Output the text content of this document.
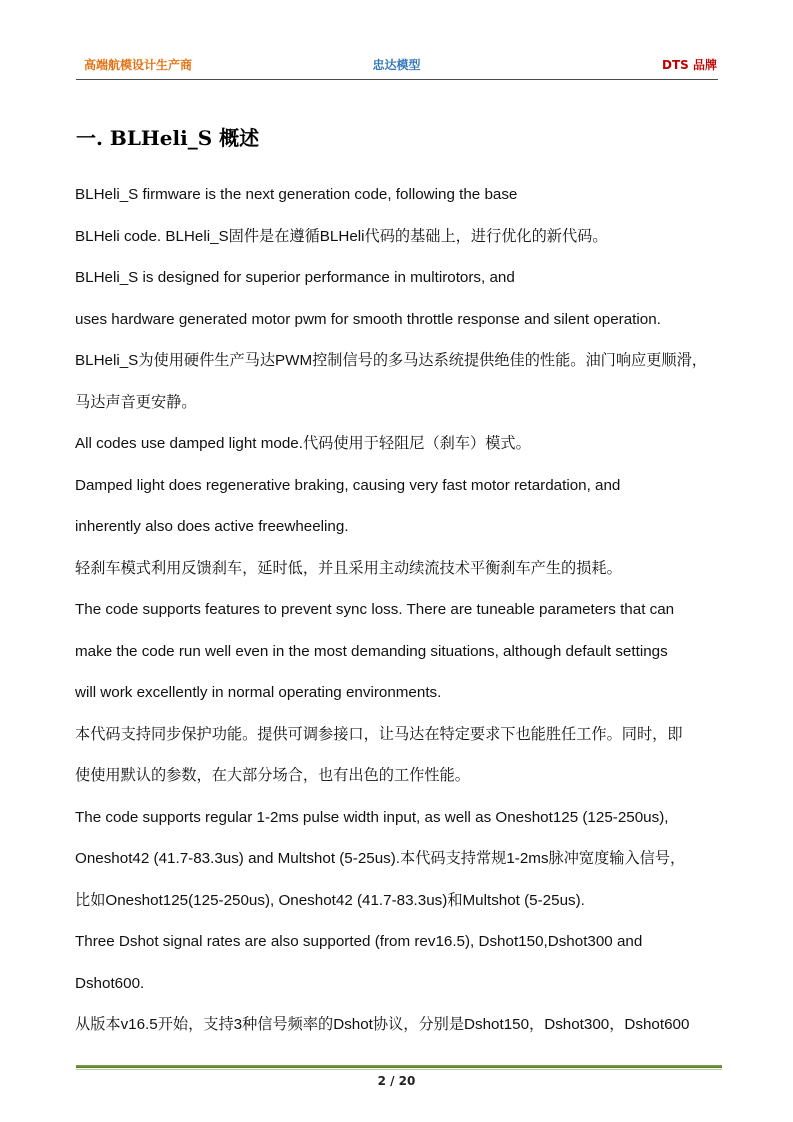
高端航模设计生产商	忠达模型	DTS 品牌
一. BLHeli_S 概述

BLHeli_S firmware is the next generation code, following the base

BLHeli code. BLHeli_S固件是在遵循BLHeli代码的基础上，进行优化的新代码。

BLHeli_S is designed for superior performance in multirotors, and

uses hardware generated motor pwm for smooth throttle response and silent operation.

BLHeli_S为使用硬件生产马达PWM控制信号的多马达系统提供绝佳的性能。油门响应更顺滑，

马达声音更安静。

All codes use damped light mode.代码使用于轻阻尼（刹车）模式。

Damped light does regenerative braking, causing very fast motor retardation, and

inherently also does active freewheeling.

轻刹车模式利用反馈刹车，延时低，并且采用主动续流技术平衡刹车产生的损耗。

The code supports features to prevent sync loss. There are tuneable parameters that can

make the code run well even in the most demanding situations, although default settings

will work excellently in normal operating environments.

本代码支持同步保护功能。提供可调参接口，让马达在特定要求下也能胜任工作。同时，即

使使用默认的参数，在大部分场合，也有出色的工作性能。

The code supports regular 1-2ms pulse width input, as well as Oneshot125 (125-250us),

Oneshot42 (41.7-83.3us) and Multshot (5-25us).本代码支持常规1-2ms脉冲宽度输入信号，

比如Oneshot125(125-250us), Oneshot42 (41.7-83.3us)和Multshot (5-25us).

Three Dshot signal rates are also supported (from rev16.5), Dshot150,Dshot300 and

Dshot600.

从版本v16.5开始，支持3种信号频率的Dshot协议，分别是Dshot150，Dshot300，Dshot600

2 / 20
